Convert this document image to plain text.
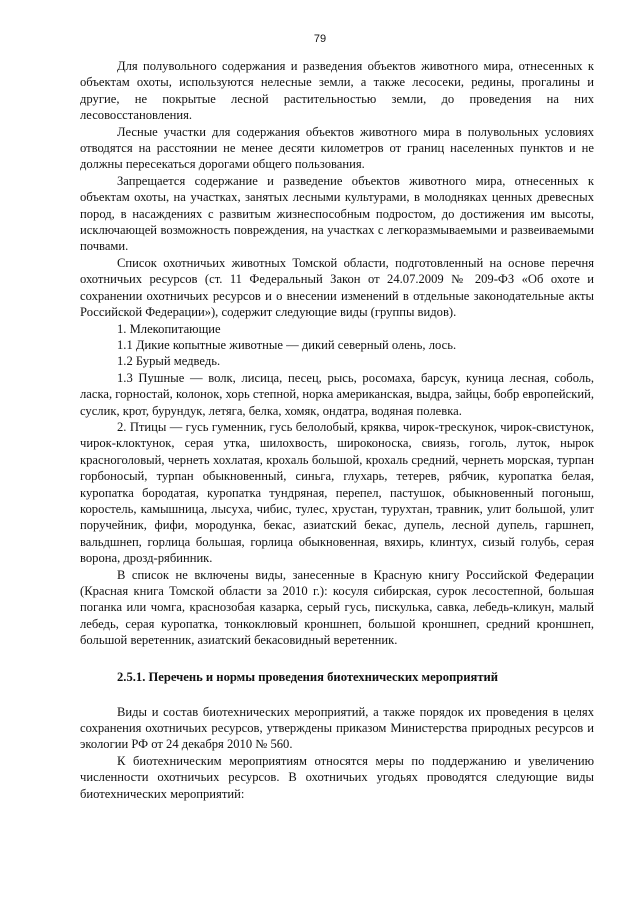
79

Для полувольного содержания и разведения объектов животного мира, отнесенных к объектам охоты, используются нелесные земли, а также лесосеки, редины, прогалины и другие, не покрытые лесной растительностью земли, до проведения на них лесовосстановления.

Лесные участки для содержания объектов животного мира в полувольных условиях отводятся на расстоянии не менее десяти километров от границ населенных пунктов и не должны пересекаться дорогами общего пользования.

Запрещается содержание и разведение объектов животного мира, отнесенных к объектам охоты, на участках, занятых лесными культурами, в молодняках ценных древесных пород, в насаждениях с развитым жизнеспособным подростом, до достижения им высоты, исключающей возможность повреждения, на участках с легкоразмываемыми и развеиваемыми почвами.

Список охотничьих животных Томской области, подготовленный на основе перечня охотничьих ресурсов (ст. 11 Федеральный Закон от 24.07.2009 № 209-ФЗ «Об охоте и сохранении охотничьих ресурсов и о внесении изменений в отдельные законодательные акты Российской Федерации»), содержит следующие виды (группы видов).

1. Млекопитающие

1.1 Дикие копытные животные — дикий северный олень, лось.

1.2 Бурый медведь.

1.3 Пушные — волк, лисица, песец, рысь, росомаха, барсук, куница лесная, соболь, ласка, горностай, колонок, хорь степной, норка американская, выдра, зайцы, бобр европейский, суслик, крот, бурундук, летяга, белка, хомяк, ондатра, водяная полевка.

2. Птицы — гусь гуменник, гусь белолобый, кряква, чирок-трескунок, чирок-свистунок, чирок-клоктунок, серая утка, шилохвость, широконоска, свиязь, гоголь, луток, нырок красноголовый, чернеть хохлатая, крохаль большой, крохаль средний, чернеть морская, турпан горбоносый, турпан обыкновенный, синьга, глухарь, тетерев, рябчик, куропатка белая, куропатка бородатая, куропатка тундряная, перепел, пастушок, обыкновенный погоныш, коростель, камышница, лысуха, чибис, тулес, хрустан, турухтан, травник, улит большой, улит поручейник, фифи, мородунка, бекас, азиатский бекас, дупель, лесной дупель, гаршнеп, вальдшнеп, горлица большая, горлица обыкновенная, вяхирь, клинтух, сизый голубь, серая ворона, дрозд-рябинник.

В список не включены виды, занесенные в Красную книгу Российской Федерации (Красная книга Томской области за 2010 г.): косуля сибирская, сурок лесостепной, большая поганка или чомга, краснозобая казарка, серый гусь, пискулька, савка, лебедь-кликун, малый лебедь, серая куропатка, тонкоклювый кроншнеп, большой кроншнеп, средний кроншнеп, большой веретенник, азиатский бекасовидный веретенник.

2.5.1. Перечень и нормы проведения биотехнических мероприятий

Виды и состав биотехнических мероприятий, а также порядок их проведения в целях сохранения охотничьих ресурсов, утверждены приказом Министерства природных ресурсов и экологии РФ от 24 декабря 2010 № 560.

К биотехническим мероприятиям относятся меры по поддержанию и увеличению численности охотничьих ресурсов. В охотничьих угодьях проводятся следующие виды биотехнических мероприятий:
